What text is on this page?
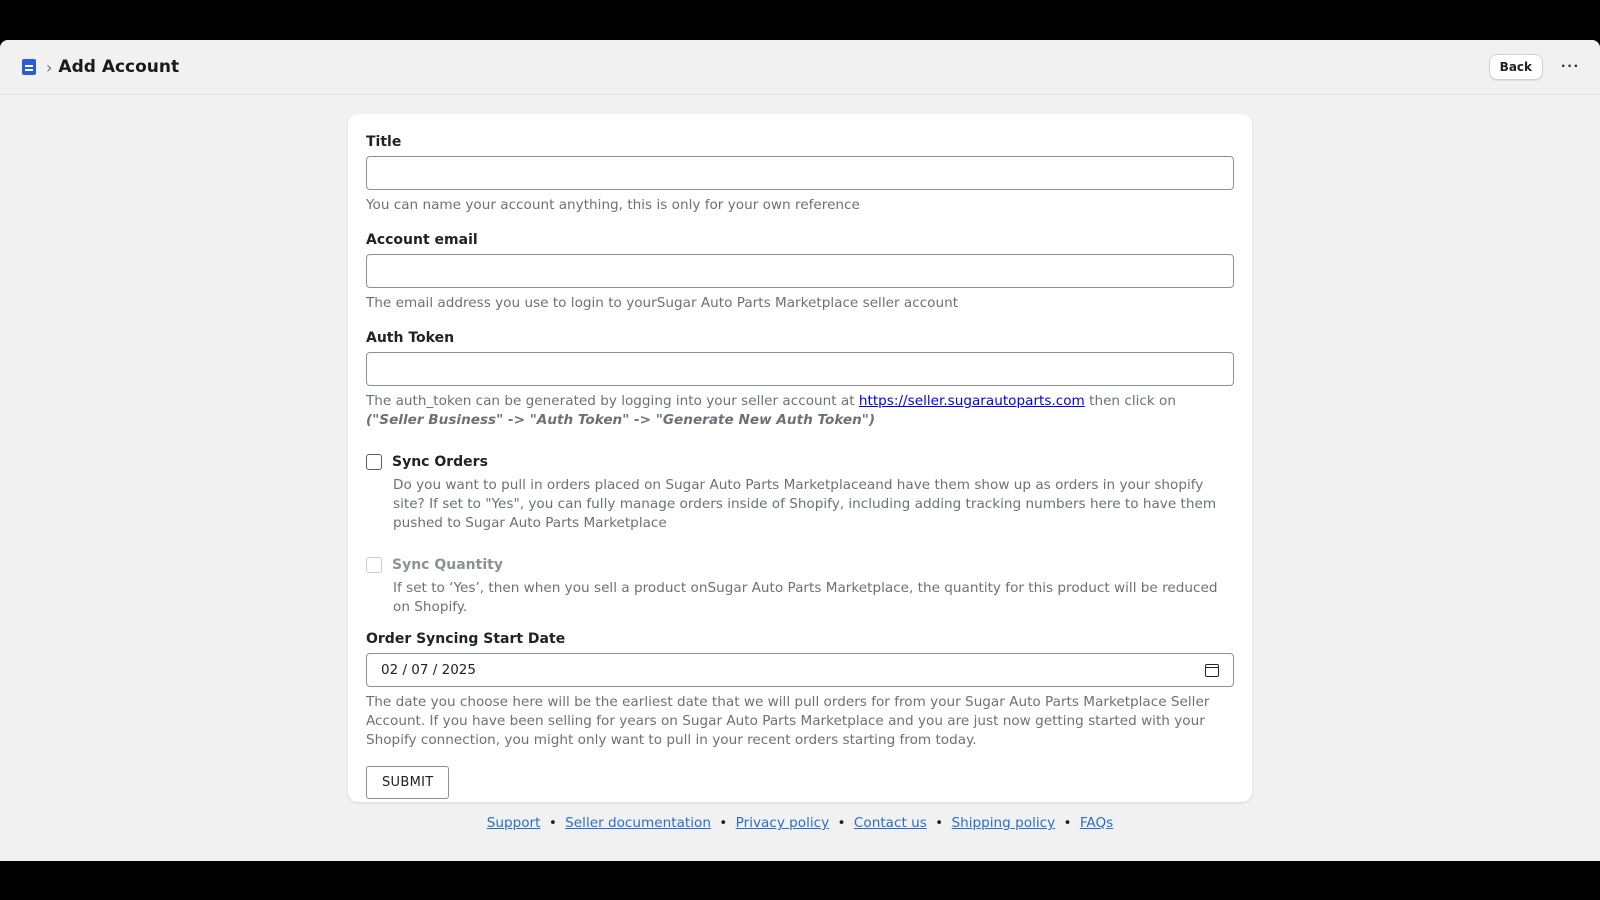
› Add Account	Back	···
Title

You can name your account anything, this is only for your own reference

Account email

The email address you use to login to yourSugar Auto Parts Marketplace seller account

Auth Token

The auth_token can be generated by logging into your seller account at https://seller.sugarautoparts.com then click on ("Seller Business" -> "Auth Token" -> "Generate New Auth Token")

Sync Orders

Do you want to pull in orders placed on Sugar Auto Parts Marketplaceand have them show up as orders in your shopify site? If set to "Yes", you can fully manage orders inside of Shopify, including adding tracking numbers here to have them pushed to Sugar Auto Parts Marketplace

Sync Quantity

If set to ‘Yes’, then when you sell a product onSugar Auto Parts Marketplace, the quantity for this product will be reduced on Shopify.

Order Syncing Start Date
02 / 07 / 2025

The date you choose here will be the earliest date that we will pull orders for from your Sugar Auto Parts Marketplace Seller Account. If you have been selling for years on Sugar Auto Parts Marketplace and you are just now getting started with your Shopify connection, you might only want to pull in your recent orders starting from today.

SUBMIT
Support • Seller documentation • Privacy policy • Contact us • Shipping policy • FAQs
